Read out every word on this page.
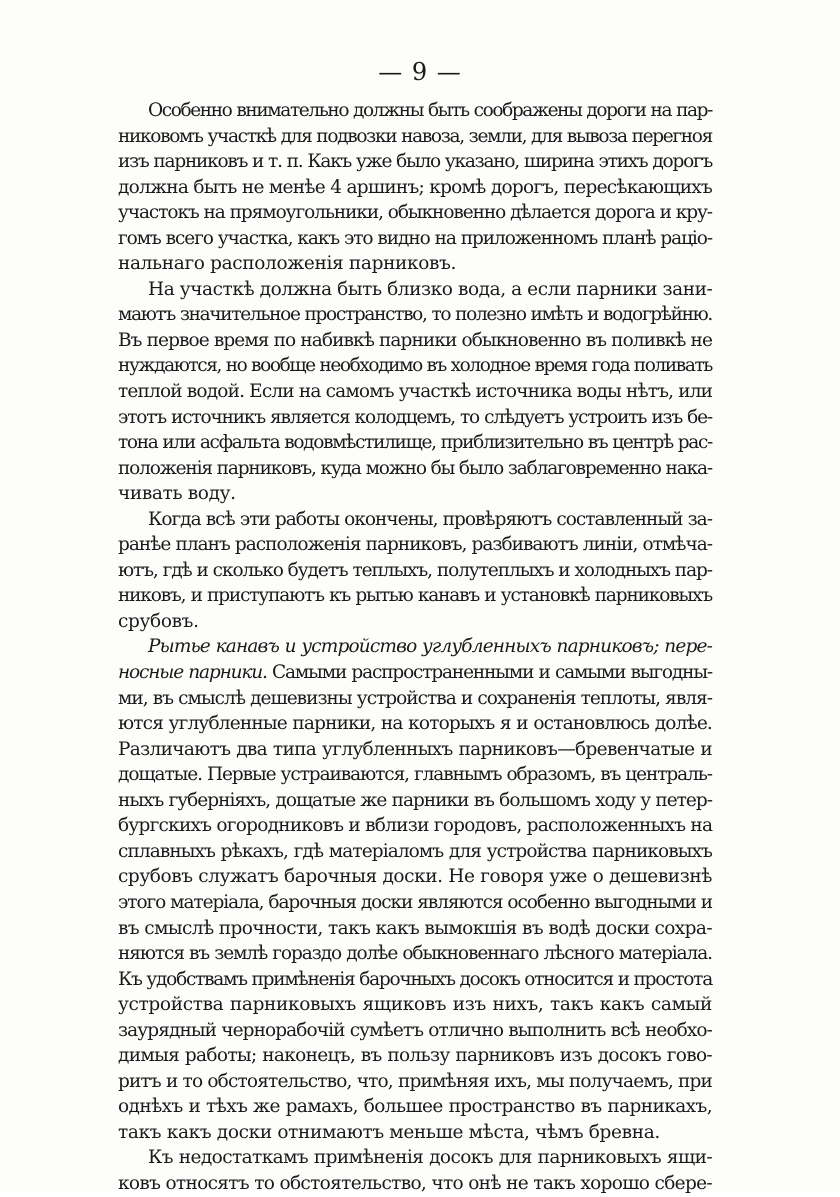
— 9 —
Особенно внимательно должны быть соображены дороги на пар-
никовомъ участкѣ для подвозки навоза, земли, для вывоза перегноя
изъ парниковъ и т. п. Какъ уже было указано, ширина этихъ дорогъ
должна быть не менѣе 4 аршинъ; кромѣ дорогъ, пересѣкающихъ
участокъ на прямоугольники, обыкновенно дѣлается дорога и кру-
гомъ всего участка, какъ это видно на приложенномъ планѣ раціо-
нальнаго расположенія парниковъ.
На участкѣ должна быть близко вода, а если парники зани-
маютъ значительное пространство, то полезно имѣть и водогрѣйню.
Въ первое время по набивкѣ парники обыкновенно въ поливкѣ не
нуждаются, но вообще необходимо въ холодное время года поливать
теплой водой. Если на самомъ участкѣ источника воды нѣтъ, или
этотъ источникъ является колодцемъ, то слѣдуетъ устроить изъ бе-
тона или асфальта водовмѣстилище, приблизительно въ центрѣ рас-
положенія парниковъ, куда можно бы было заблаговременно нака-
чивать воду.
Когда всѣ эти работы окончены, провѣряютъ составленный за-
ранѣе планъ расположенія парниковъ, разбиваютъ линіи, отмѣча-
ютъ, гдѣ и сколько будетъ теплыхъ, полутеплыхъ и холодныхъ пар-
никовъ, и приступаютъ къ рытью канавъ и установкѣ парниковыхъ
срубовъ.
Рытье канавъ и устройство углубленныхъ парниковъ; пере-
носные парники. Самыми распространенными и самыми выгодны-
ми, въ смыслѣ дешевизны устройства и сохраненія теплоты, явля-
ются углубленные парники, на которыхъ я и остановлюсь долѣе.
Различаютъ два типа углубленныхъ парниковъ—бревенчатые и
дощатые. Первые устраиваются, главнымъ образомъ, въ централь-
ныхъ губерніяхъ, дощатые же парники въ большомъ ходу у петер-
бургскихъ огородниковъ и вблизи городовъ, расположенныхъ на
сплавныхъ рѣкахъ, гдѣ матеріаломъ для устройства парниковыхъ
срубовъ служатъ барочныя доски. Не говоря уже о дешевизнѣ
этого матеріала, барочныя доски являются особенно выгодными и
въ смыслѣ прочности, такъ какъ вымокшія въ водѣ доски сохра-
няются въ землѣ гораздо долѣе обыкновеннаго лѣсного матеріала.
Къ удобствамъ примѣненія барочныхъ досокъ относится и простота
устройства парниковыхъ ящиковъ изъ нихъ, такъ какъ самый
заурядный чернорабочій сумѣетъ отлично выполнить всѣ необхо-
димыя работы; наконецъ, въ пользу парниковъ изъ досокъ гово-
ритъ и то обстоятельство, что, примѣняя ихъ, мы получаемъ, при
однѣхъ и тѣхъ же рамахъ, большее пространство въ парникахъ,
такъ какъ доски отнимаютъ меньше мѣста, чѣмъ бревна.
Къ недостаткамъ примѣненія досокъ для парниковыхъ ящи-
ковъ относятъ то обстоятельство, что онѣ не такъ хорошо сбере-
